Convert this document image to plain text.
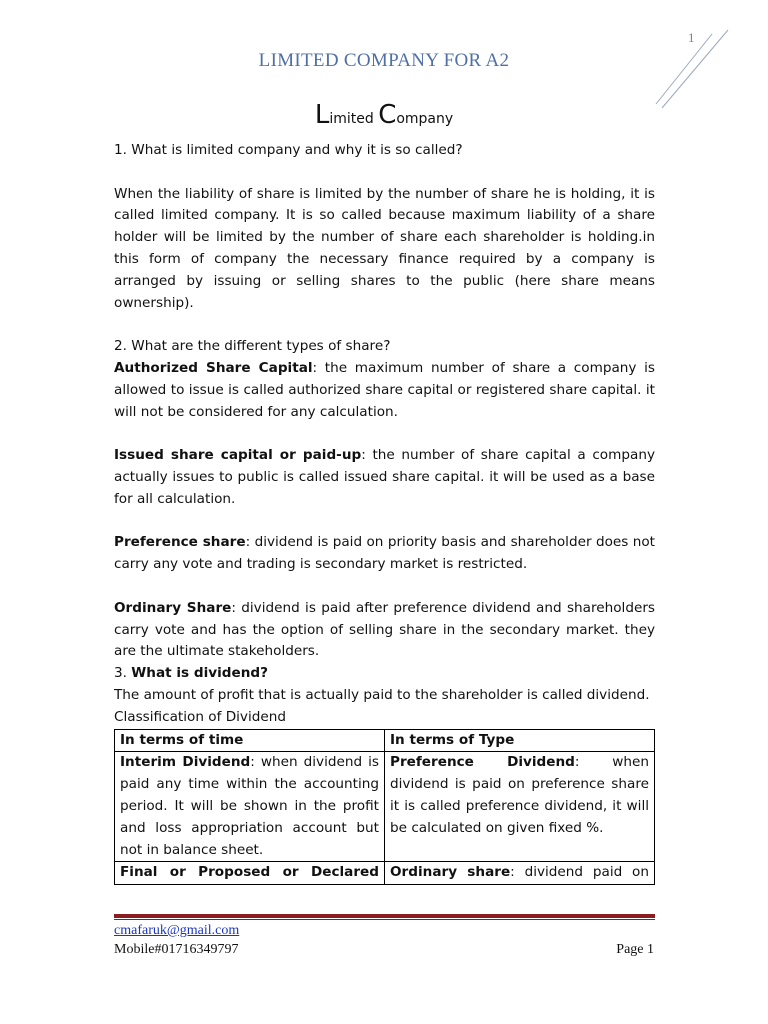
1
LIMITED COMPANY FOR A2
Limited Company

1. What is limited company and why it is so called?

When the liability of share is limited by the number of share he is holding, it is called limited company. It is so called because maximum liability of a share holder will be limited by the number of share each shareholder is holding.in this form of company the necessary finance required by a company is arranged by issuing or selling shares to the public (here share means ownership).

2. What are the different types of share?

Authorized Share Capital: the maximum number of share a company is allowed to issue is called authorized share capital or registered share capital. it will not be considered for any calculation.

Issued share capital or paid-up: the number of share capital a company actually issues to public is called issued share capital. it will be used as a base for all calculation.

Preference share: dividend is paid on priority basis and shareholder does not carry any vote and trading is secondary market is restricted.

Ordinary Share: dividend is paid after preference dividend and shareholders carry vote and has the option of selling share in the secondary market. they are the ultimate stakeholders.

3. What is dividend?

The amount of profit that is actually paid to the shareholder is called dividend.

Classification of Dividend

In terms of time	In terms of Type
Interim Dividend: when dividend is paid any time within the accounting period. It will be shown in the profit and loss appropriation account but not in balance sheet.	Preference Dividend: when dividend is paid on preference share it is called preference dividend, it will be calculated on given fixed %.
Final or Proposed or Declared	Ordinary share: dividend paid on
cmafaruk@gmail.com
Mobile#01716349797	Page 1
